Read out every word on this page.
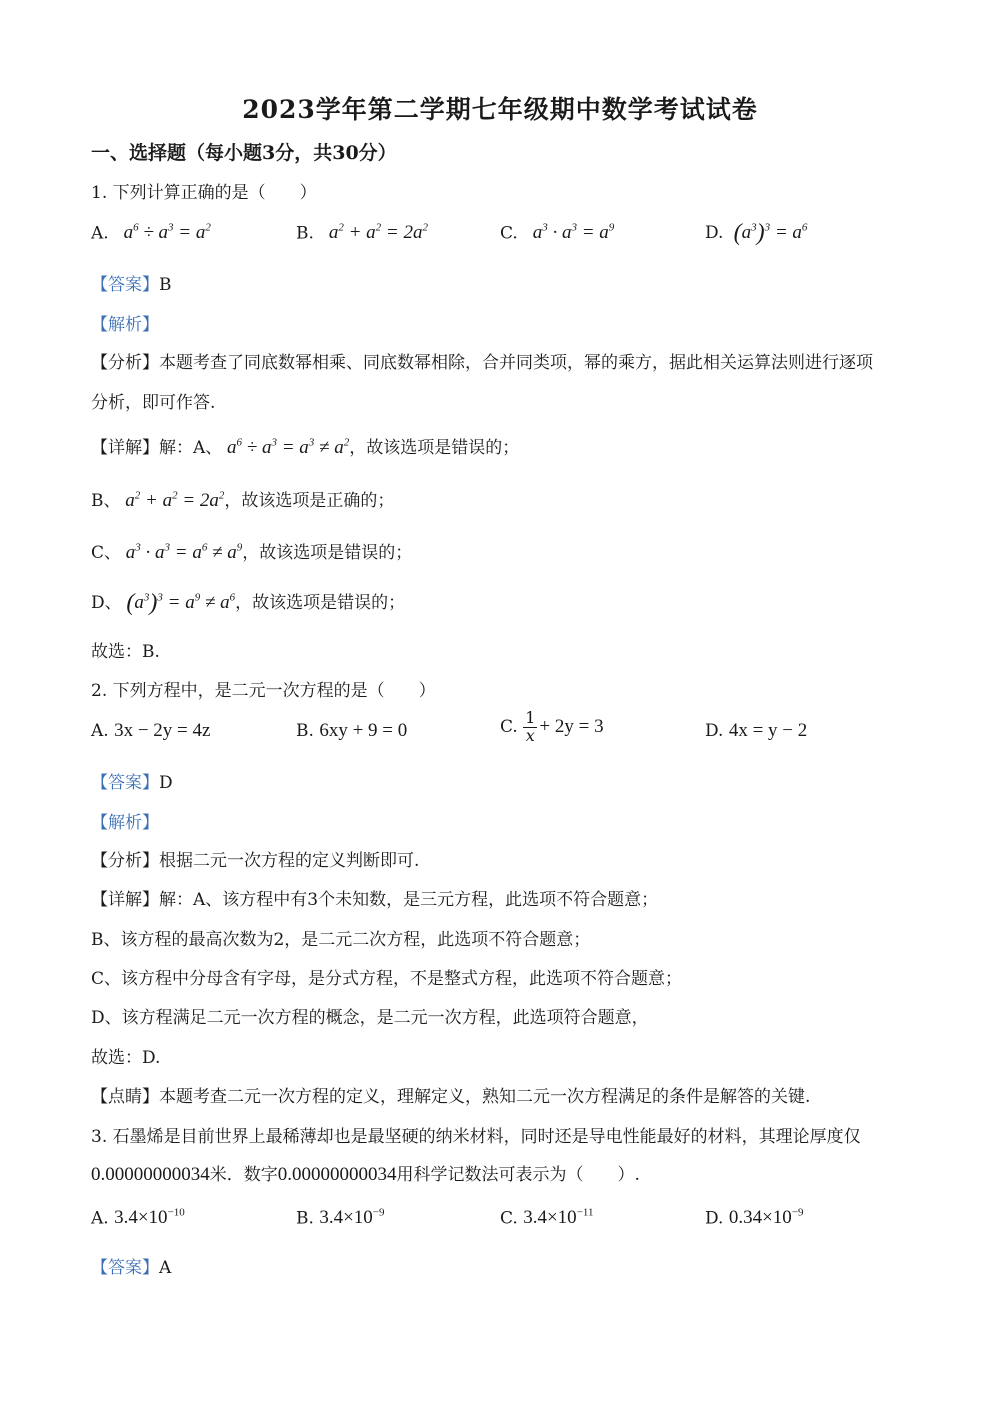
2023学年第二学期七年级期中数学考试试卷
一、选择题（每小题3分，共30分）
1. 下列计算正确的是（　　）
A.   $a^6 \div a^3 = a^2$	B.   $a^2 + a^2 = 2a^2$	C.   $a^3 \cdot a^3 = a^9$	D. $(a^3)^3 = a^6$
【答案】B
【解析】
【分析】本题考查了同底数幂相乘、同底数幂相除，合并同类项，幂的乘方，据此相关运算法则进行逐项
分析，即可作答.
【详解】解：A、 $a^6 \div a^3 = a^3 \ne a^2$，故该选项是错误的；
B、 $a^2 + a^2 = 2a^2$，故该选项是正确的；
C、 $a^3 \cdot a^3 = a^6 \ne a^9$，故该选项是错误的；
D、 $(a^3)^3 = a^9 \ne a^6$，故该选项是错误的；
故选：B.
2. 下列方程中，是二元一次方程的是（　　）
A. 3x − 2y = 4z	B. 6xy + 9 = 0	C. $\frac{1}{x} + 2y = 3$	D. 4x = y − 2
【答案】D
【解析】
【分析】根据二元一次方程的定义判断即可.
【详解】解：A、该方程中有3个未知数，是三元方程，此选项不符合题意；
B、该方程的最高次数为2，是二元二次方程，此选项不符合题意；
C、该方程中分母含有字母，是分式方程，不是整式方程，此选项不符合题意；
D、该方程满足二元一次方程的概念，是二元一次方程，此选项符合题意，
故选：D.
【点睛】本题考查二元一次方程的定义，理解定义，熟知二元一次方程满足的条件是解答的关键.
3. 石墨烯是目前世界上最稀薄却也是最坚硬的纳米材料，同时还是导电性能最好的材料，其理论厚度仅
0.00000000034米．数字0.00000000034用科学记数法可表示为（　　）.
A. $3.4\times 10^{-10}$	B. $3.4\times 10^{-9}$	C. $3.4\times 10^{-11}$	D. $0.34\times 10^{-9}$
【答案】A
